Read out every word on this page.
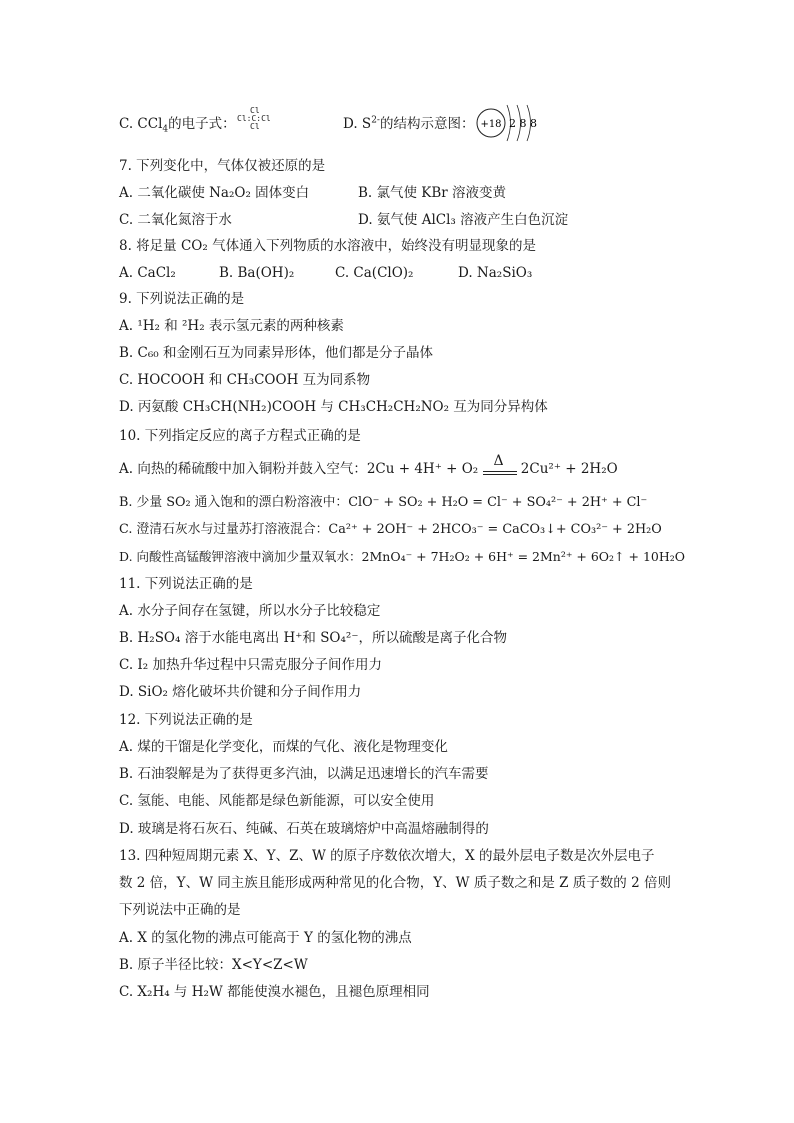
C. CCl$_4$的电子式：
Cl
Cl:C:Cl
Cl	D. $S^{2-}$的结构示意图： +18 2 8 8
7. 下列变化中，气体仅被还原的是
A. 二氧化碳使 Na₂O₂ 固体变白	B. 氯气使 KBr 溶液变黄
C. 二氧化氮溶于水	D. 氨气使 AlCl₃ 溶液产生白色沉淀
8. 将足量 CO₂ 气体通入下列物质的水溶液中，始终没有明显现象的是
A. CaCl₂	B. Ba(OH)₂	C. Ca(ClO)₂	D. Na₂SiO₃
9. 下列说法正确的是
A. ¹H₂ 和 ²H₂ 表示氢元素的两种核素
B. C₆₀ 和金刚石互为同素异形体，他们都是分子晶体
C. HOCOOH 和 CH₃COOH 互为同系物
D. 丙氨酸 CH₃CH(NH₂)COOH 与 CH₃CH₂CH₂NO₂ 互为同分异构体
10. 下列指定反应的离子方程式正确的是
A. 向热的稀硫酸中加入铜粉并鼓入空气：2Cu + 4H⁺ + O₂
Δ
2Cu²⁺ + 2H₂O
B. 少量 SO₂ 通入饱和的漂白粉溶液中：ClO⁻ + SO₂ + H₂O = Cl⁻ + SO₄²⁻ + 2H⁺ + Cl⁻
C. 澄清石灰水与过量苏打溶液混合：Ca²⁺ + 2OH⁻ + 2HCO₃⁻ = CaCO₃↓+ CO₃²⁻ + 2H₂O
D. 向酸性高锰酸钾溶液中滴加少量双氧水：2MnO₄⁻ + 7H₂O₂ + 6H⁺ = 2Mn²⁺ + 6O₂↑ + 10H₂O
11. 下列说法正确的是
A. 水分子间存在氢键，所以水分子比较稳定
B. H₂SO₄ 溶于水能电离出 H⁺和 SO₄²⁻，所以硫酸是离子化合物
C. I₂ 加热升华过程中只需克服分子间作用力
D. SiO₂ 熔化破坏共价键和分子间作用力
12. 下列说法正确的是
A. 煤的干馏是化学变化，而煤的气化、液化是物理变化
B. 石油裂解是为了获得更多汽油，以满足迅速增长的汽车需要
C. 氢能、电能、风能都是绿色新能源，可以安全使用
D. 玻璃是将石灰石、纯碱、石英在玻璃熔炉中高温熔融制得的
13. 四种短周期元素 X、Y、Z、W 的原子序数依次增大，X 的最外层电子数是次外层电子
数 2 倍，Y、W 同主族且能形成两种常见的化合物，Y、W 质子数之和是 Z 质子数的 2 倍则
下列说法中正确的是
A. X 的氢化物的沸点可能高于 Y 的氢化物的沸点
B. 原子半径比较：X<Y<Z<W
C. X₂H₄ 与 H₂W 都能使溴水褪色，且褪色原理相同
